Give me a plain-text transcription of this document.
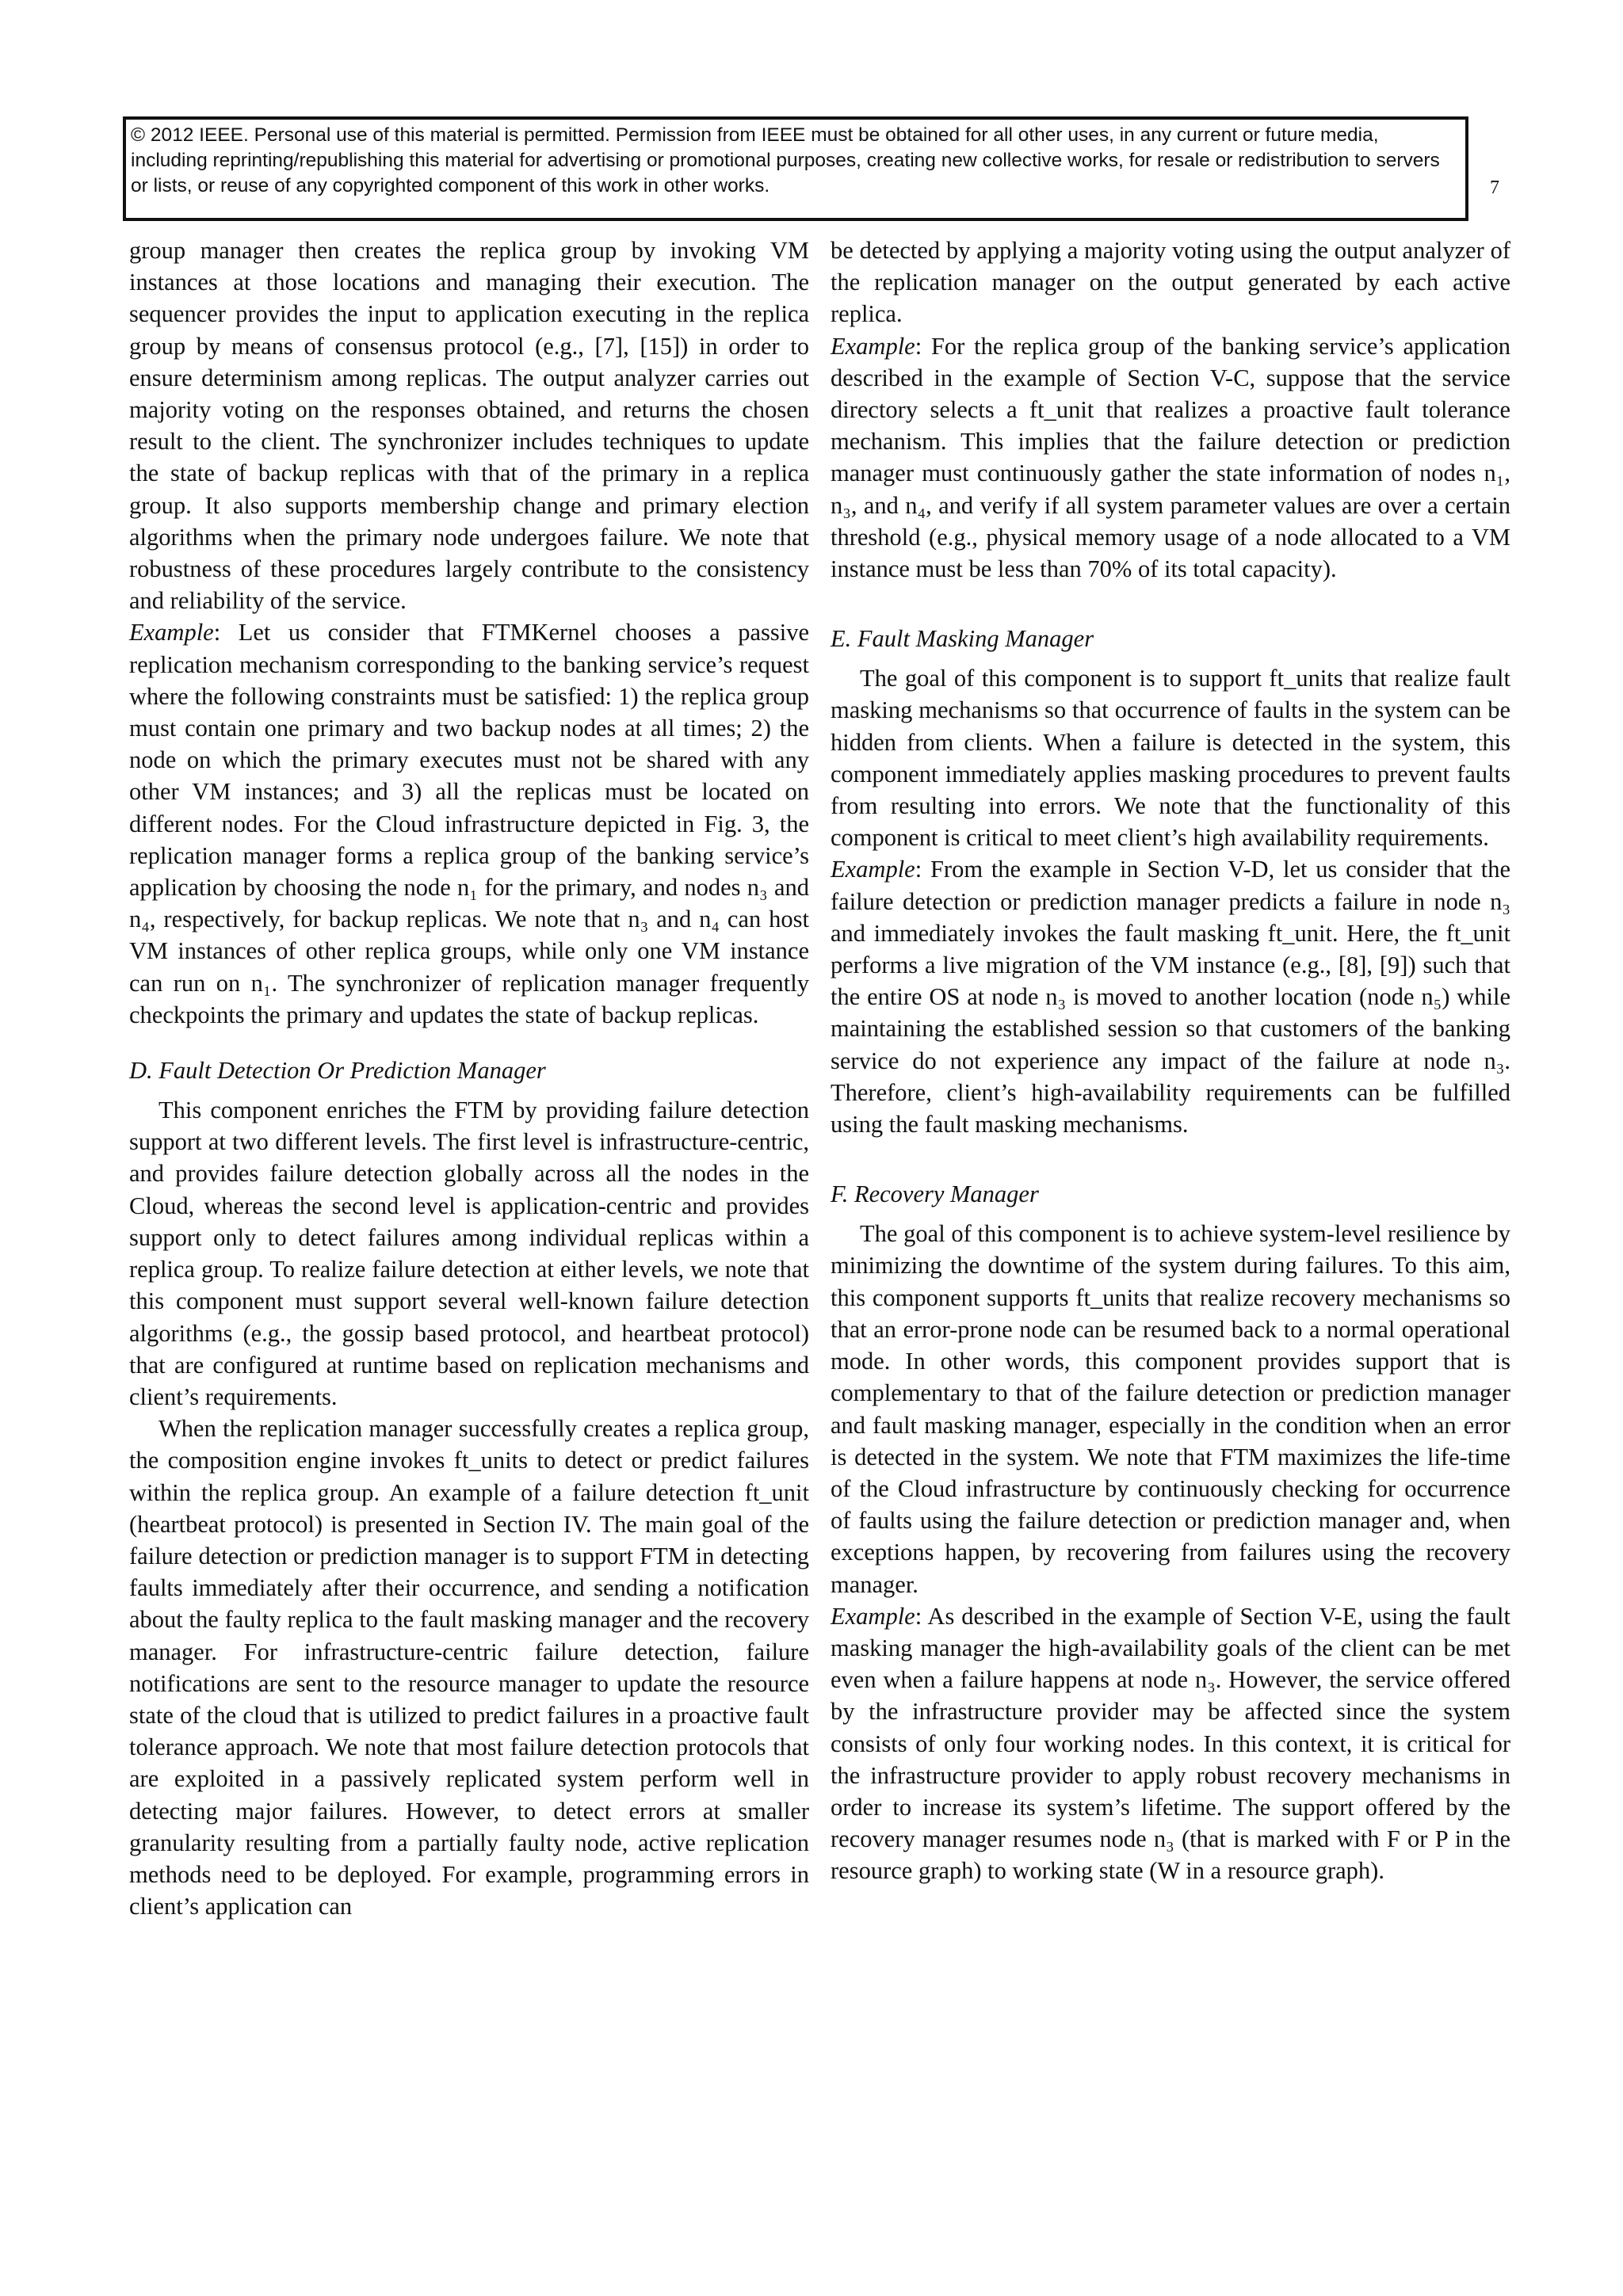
© 2012 IEEE. Personal use of this material is permitted. Permission from IEEE must be obtained for all other uses, in any current or future media, including reprinting/republishing this material for advertising or promotional purposes, creating new collective works, for resale or redistribution to servers or lists, or reuse of any copyrighted component of this work in other works.	7

group manager then creates the replica group by invoking VM instances at those locations and managing their execution. The sequencer provides the input to application executing in the replica group by means of consensus protocol (e.g., [7], [15]) in order to ensure determinism among replicas. The output analyzer carries out majority voting on the responses obtained, and returns the chosen result to the client. The synchronizer includes techniques to update the state of backup replicas with that of the primary in a replica group. It also supports membership change and primary election algorithms when the primary node undergoes failure. We note that robustness of these procedures largely contribute to the consistency and reliability of the service.

Example: Let us consider that FTMKernel chooses a passive replication mechanism corresponding to the banking service’s request where the following constraints must be satisfied: 1) the replica group must contain one primary and two backup nodes at all times; 2) the node on which the primary executes must not be shared with any other VM instances; and 3) all the replicas must be located on different nodes. For the Cloud infrastructure depicted in Fig. 3, the replication manager forms a replica group of the banking service’s application by choosing the node n₁ for the primary, and nodes n₃ and n₄, respectively, for backup replicas. We note that n₃ and n₄ can host VM instances of other replica groups, while only one VM instance can run on n₁. The synchronizer of replication manager frequently checkpoints the primary and updates the state of backup replicas.

D. Fault Detection Or Prediction Manager

This component enriches the FTM by providing failure detection support at two different levels. The first level is infrastructure-centric, and provides failure detection globally across all the nodes in the Cloud, whereas the second level is application-centric and provides support only to detect failures among individual replicas within a replica group. To realize failure detection at either levels, we note that this component must support several well-known failure detection algorithms (e.g., the gossip based protocol, and heartbeat protocol) that are configured at runtime based on replication mechanisms and client’s requirements.

When the replication manager successfully creates a replica group, the composition engine invokes ft_units to detect or predict failures within the replica group. An example of a failure detection ft_unit (heartbeat protocol) is presented in Section IV. The main goal of the failure detection or prediction manager is to support FTM in detecting faults immediately after their occurrence, and sending a notification about the faulty replica to the fault masking manager and the recovery manager. For infrastructure-centric failure detection, failure notifications are sent to the resource manager to update the resource state of the cloud that is utilized to predict failures in a proactive fault tolerance approach. We note that most failure detection protocols that are exploited in a passively replicated system perform well in detecting major failures. However, to detect errors at smaller granularity resulting from a partially faulty node, active replication methods need to be deployed. For example, programming errors in client’s application can

be detected by applying a majority voting using the output analyzer of the replication manager on the output generated by each active replica.

Example: For the replica group of the banking service’s application described in the example of Section V-C, suppose that the service directory selects a ft_unit that realizes a proactive fault tolerance mechanism. This implies that the failure detection or prediction manager must continuously gather the state information of nodes n₁, n₃, and n₄, and verify if all system parameter values are over a certain threshold (e.g., physical memory usage of a node allocated to a VM instance must be less than 70% of its total capacity).

E. Fault Masking Manager

The goal of this component is to support ft_units that realize fault masking mechanisms so that occurrence of faults in the system can be hidden from clients. When a failure is detected in the system, this component immediately applies masking procedures to prevent faults from resulting into errors. We note that the functionality of this component is critical to meet client’s high availability requirements.

Example: From the example in Section V-D, let us consider that the failure detection or prediction manager predicts a failure in node n₃ and immediately invokes the fault masking ft_unit. Here, the ft_unit performs a live migration of the VM instance (e.g., [8], [9]) such that the entire OS at node n₃ is moved to another location (node n₅) while maintaining the established session so that customers of the banking service do not experience any impact of the failure at node n₃. Therefore, client’s high-availability requirements can be fulfilled using the fault masking mechanisms.

F. Recovery Manager

The goal of this component is to achieve system-level resilience by minimizing the downtime of the system during failures. To this aim, this component supports ft_units that realize recovery mechanisms so that an error-prone node can be resumed back to a normal operational mode. In other words, this component provides support that is complementary to that of the failure detection or prediction manager and fault masking manager, especially in the condition when an error is detected in the system. We note that FTM maximizes the life-time of the Cloud infrastructure by continuously checking for occurrence of faults using the failure detection or prediction manager and, when exceptions happen, by recovering from failures using the recovery manager.

Example: As described in the example of Section V-E, using the fault masking manager the high-availability goals of the client can be met even when a failure happens at node n₃. However, the service offered by the infrastructure provider may be affected since the system consists of only four working nodes. In this context, it is critical for the infrastructure provider to apply robust recovery mechanisms in order to increase its system’s lifetime. The support offered by the recovery manager resumes node n₃ (that is marked with F or P in the resource graph) to working state (W in a resource graph).
